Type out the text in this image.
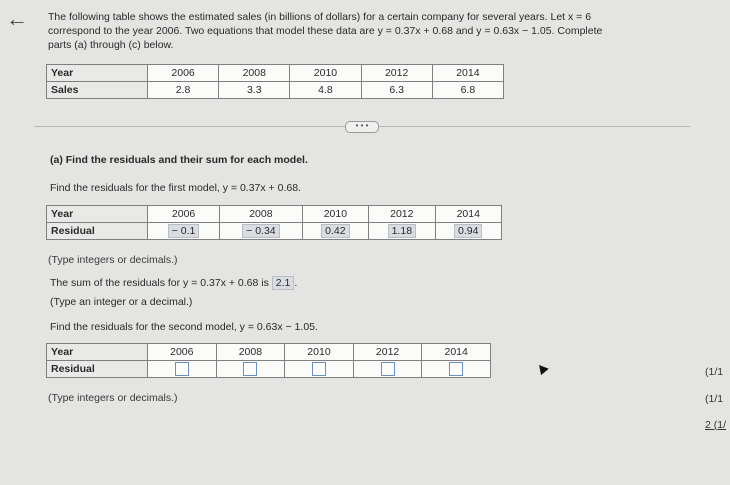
← The following table shows the estimated sales (in billions of dollars) for a certain company for several years. Let x = 6

correspond to the year 2006. Two equations that model these data are y = 0.37x + 0.68 and y = 0.63x − 1.05. Complete

parts (a) through (c) below.

Year	2006	2008	2010	2012	2014
Sales	2.8	3.3	4.8	6.3	6.8
• • •

(a) Find the residuals and their sum for each model.

Find the residuals for the first model, y = 0.37x + 0.68.

Year	2006	2008	2010	2012	2014
Residual	− 0.1	− 0.34	0.42	1.18	0.94

(Type integers or decimals.)

The sum of the residuals for y = 0.37x + 0.68 is 2.1 .

(Type an integer or a decimal.)

Find the residuals for the second model, y = 0.63x − 1.05.

Year	2006	2008	2010	2012	2014
Residual					

(Type integers or decimals.)

(1/1
(1/1
2 (1/
